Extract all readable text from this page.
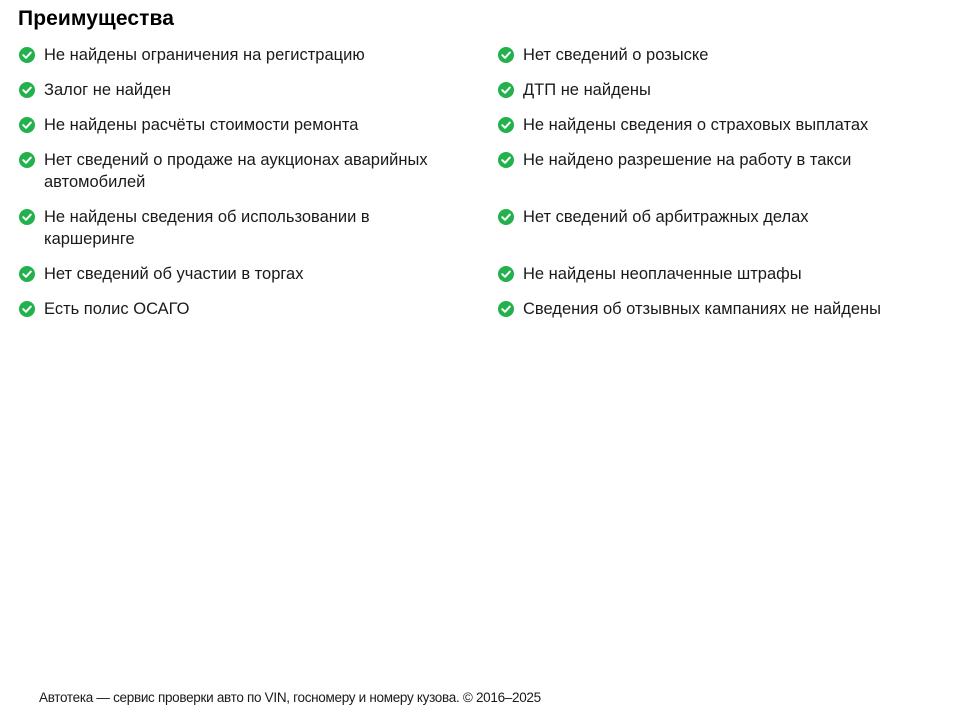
Преимущества
Не найдены ограничения на регистрацию
Залог не найден
Не найдены расчёты стоимости ремонта
Нет сведений о продаже на аукционах аварийных автомобилей
Не найдены сведения об использовании в каршеринге
Нет сведений об участии в торгах
Есть полис ОСАГО
Нет сведений о розыске
ДТП не найдены
Не найдены сведения о страховых выплатах
Не найдено разрешение на работу в такси
Нет сведений об арбитражных делах
Не найдены неоплаченные штрафы
Сведения об отзывных кампаниях не найдены
Автотека — сервис проверки авто по VIN, госномеру и номеру кузова. © 2016–2025
